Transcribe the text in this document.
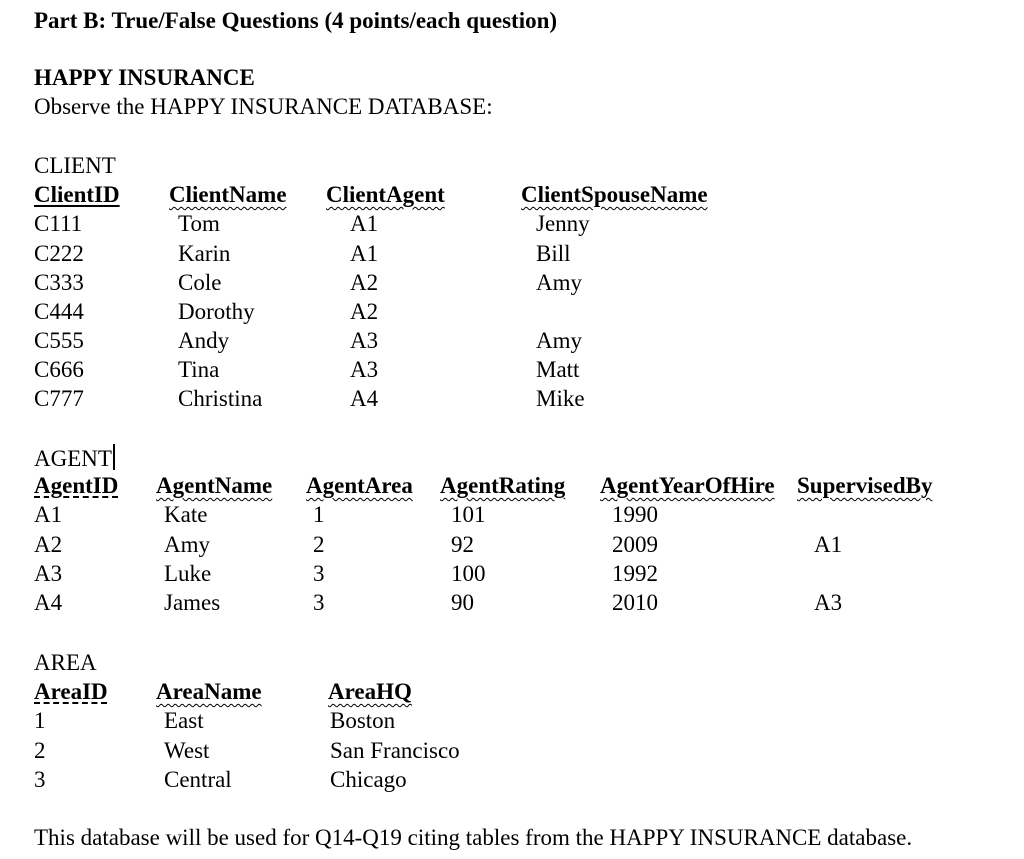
Part B: True/False Questions (4 points/each question)
HAPPY INSURANCE
Observe the HAPPY INSURANCE DATABASE:
CLIENT
ClientID ClientName ClientAgent	ClientSpouseName
C111	Tom	A1	Jenny
C222	Karin	A1	Bill
C333	Cole	A2	Amy
C444	Dorothy	A2
C555	Andy	A3	Amy
C666	Tina	A3	Matt
C777	Christina	A4	Mike
AGENT
AgentID AgentName AgentArea AgentRating AgentYearOfHire SupervisedBy
A1	Kate	1	101	1990
A2	Amy	2	92	2009	A1
A3	Luke	3	100	1992
A4	James	3	90	2010	A3
AREA
AreaID AreaName	AreaHQ
1	East	Boston
2	West	San Francisco
3	Central	Chicago
This database will be used for Q14-Q19 citing tables from the HAPPY INSURANCE database.
